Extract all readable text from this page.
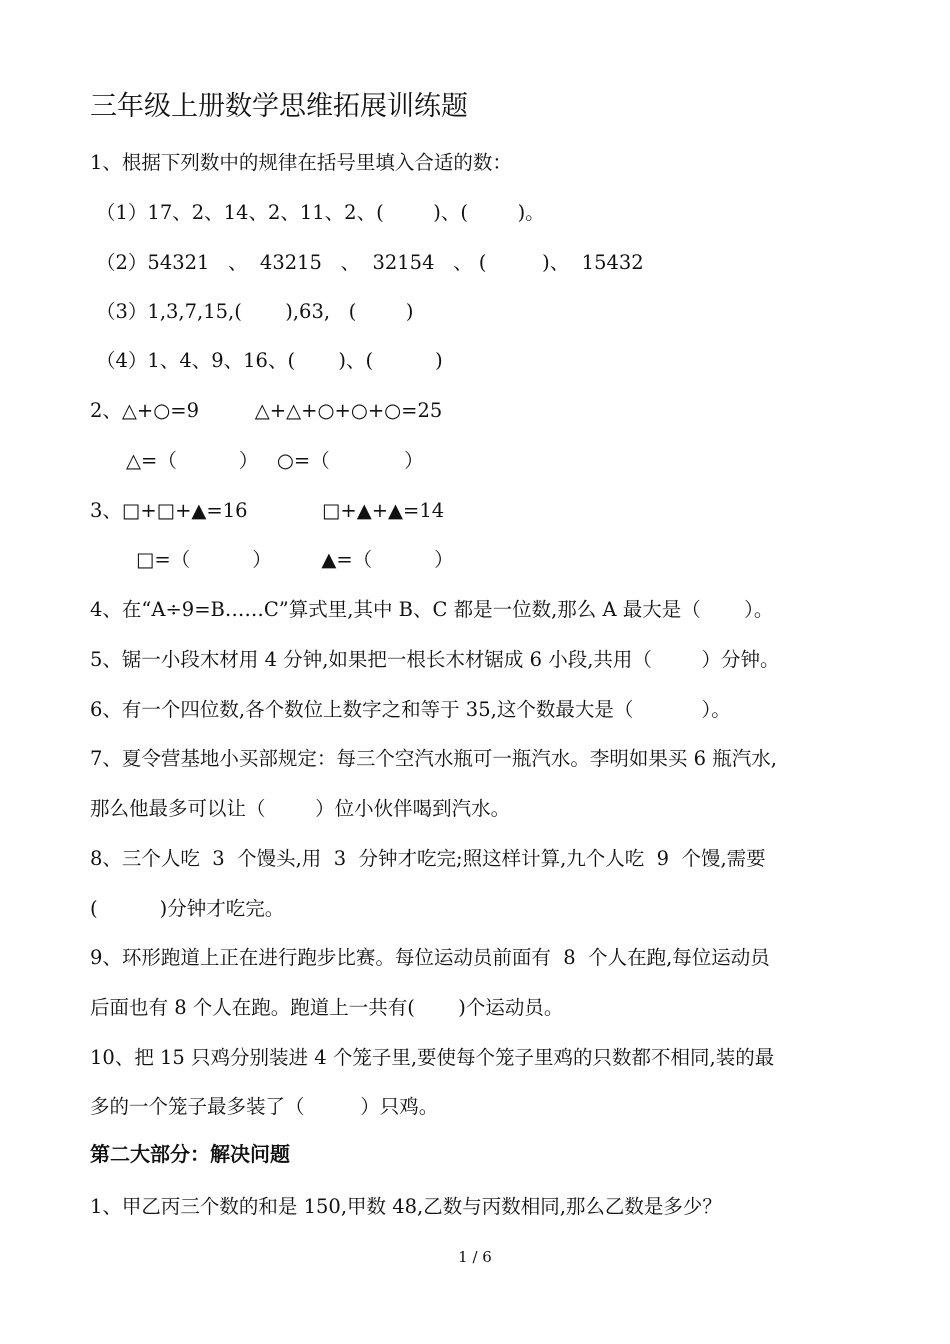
三年级上册数学思维拓展训练题
1、根据下列数中的规律在括号里填入合适的数：
（1）17、2、14、2、11、2、(        )、(        )。
（2）54321   、  43215   、  32154   、 (         )、  15432
（3）1,3,7,15,(       ),63,   (        )
（4）1、4、9、16、(       )、(          )
2、△+○=9         △+△+○+○+○=25
△=（          ）   ○=（            ）
3、□+□+▲=16            □+▲+▲=14
□=（          ）        ▲=（          ）
4、在“A÷9=B……C”算式里,其中 B、C 都是一位数,那么 A 最大是（       ）。
5、锯一小段木材用 4 分钟,如果把一根长木材锯成 6 小段,共用（        ）分钟。
6、有一个四位数,各个数位上数字之和等于 35,这个数最大是（           ）。
7、夏令营基地小买部规定：每三个空汽水瓶可一瓶汽水。李明如果买 6 瓶汽水,
那么他最多可以让（        ）位小伙伴喝到汽水。
8、三个人吃  3  个馒头,用  3  分钟才吃完;照这样计算,九个人吃  9  个馒,需要
(          )分钟才吃完。
9、环形跑道上正在进行跑步比赛。每位运动员前面有  8  个人在跑,每位运动员
后面也有 8 个人在跑。跑道上一共有(       )个运动员。
10、把 15 只鸡分别装进 4 个笼子里,要使每个笼子里鸡的只数都不相同,装的最
多的一个笼子最多装了（         ）只鸡。
第二大部分：解决问题
1、甲乙丙三个数的和是 150,甲数 48,乙数与丙数相同,那么乙数是多少？
1 / 6
